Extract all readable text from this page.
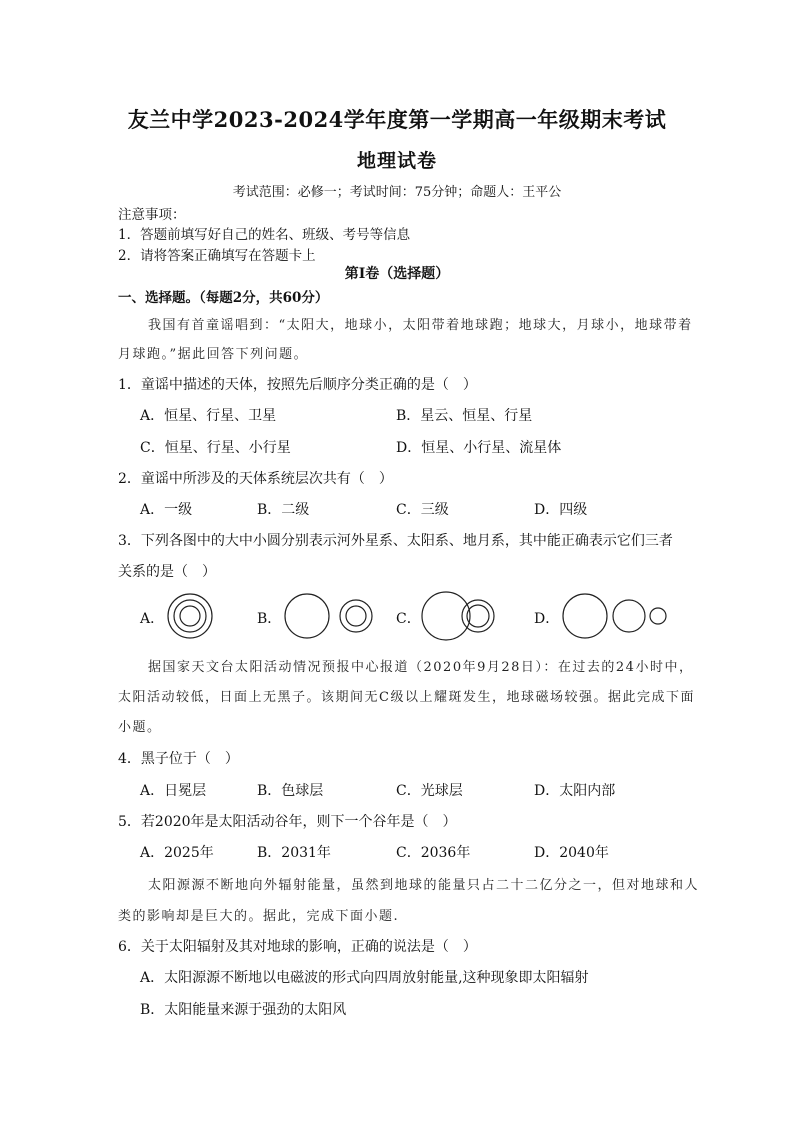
友兰中学2023-2024学年度第一学期高一年级期末考试
地理试卷
考试范围：必修一；考试时间：75分钟；命题人：王平公
注意事项：
1．答题前填写好自己的姓名、班级、考号等信息
2．请将答案正确填写在答题卡上
第Ⅰ卷（选择题）
一、选择题。（每题2分，共60分）
我国有首童谣唱到：“太阳大，地球小，太阳带着地球跑；地球大，月球小，地球带着
月球跑。”据此回答下列问题。
1．童谣中描述的天体，按照先后顺序分类正确的是（　）
A．恒星、行星、卫星	B．星云、恒星、行星
C．恒星、行星、小行星	D．恒星、小行星、流星体
2．童谣中所涉及的天体系统层次共有（　）
A．一级	B．二级	C．三级	D．四级
3．下列各图中的大中小圆分别表示河外星系、太阳系、地月系，其中能正确表示它们三者
关系的是（　）
A．	B．	C．	D．
据国家天文台太阳活动情况预报中心报道（2020年9月28日）：在过去的24小时中，
太阳活动较低，日面上无黑子。该期间无C级以上耀斑发生，地球磁场较强。据此完成下面
小题。
4．黑子位于（　）
A．日冕层	B．色球层	C．光球层	D．太阳内部
5．若2020年是太阳活动谷年，则下一个谷年是（　）
A．2025年	B．2031年	C．2036年	D．2040年
太阳源源不断地向外辐射能量，虽然到地球的能量只占二十二亿分之一，但对地球和人
类的影响却是巨大的。据此，完成下面小题.
6．关于太阳辐射及其对地球的影响，正确的说法是（　）
A．太阳源源不断地以电磁波的形式向四周放射能量,这种现象即太阳辐射
B．太阳能量来源于强劲的太阳风
